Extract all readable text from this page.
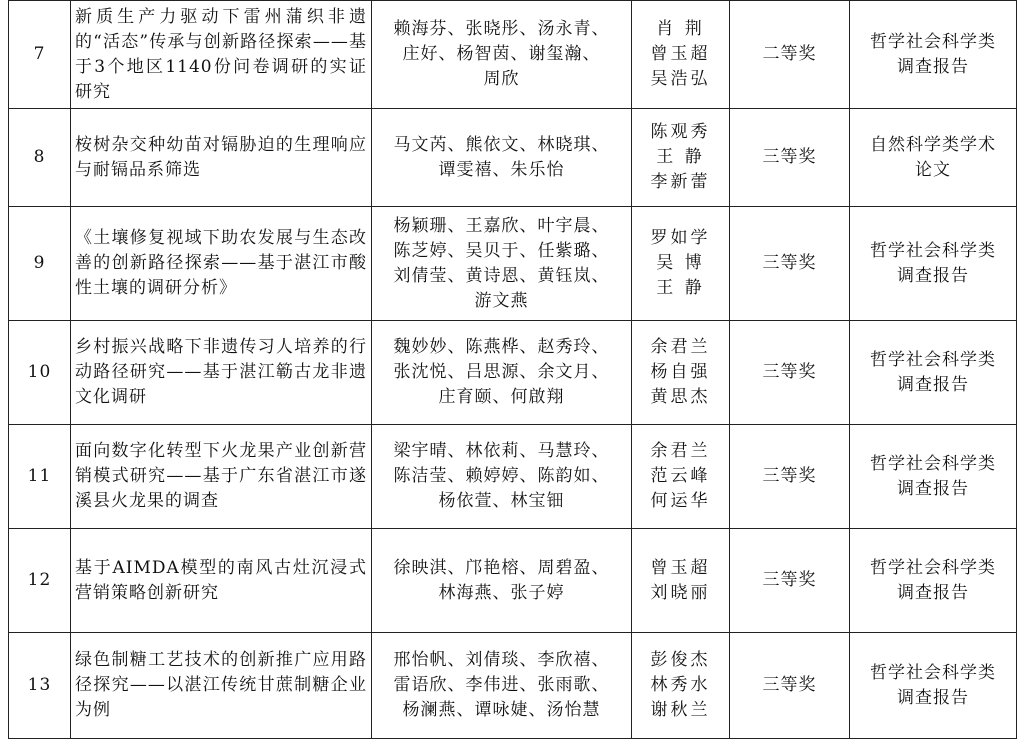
7	新质生产力驱动下雷州蒲织非遗的“活态”传承与创新路径探索——基于3个地区1140份问卷调研的实证研究	赖海芬、张晓彤、汤永青、
庄好、杨智茵、谢玺瀚、
周欣	肖 荆
曾玉超
吴浩弘	二等奖	哲学社会科学类
调查报告

8	桉树杂交种幼苗对镉胁迫的生理响应与耐镉品系筛选	马文芮、熊依文、林晓琪、
谭雯禧、朱乐怡	陈观秀
王 静
李新蕾	三等奖	自然科学类学术
论文

9	《土壤修复视域下助农发展与生态改善的创新路径探索——基于湛江市酸性土壤的调研分析》	杨颖珊、王嘉欣、叶宇晨、
陈芝婷、吴贝于、任紫璐、
刘倩莹、黄诗恩、黄钰岚、
游文燕	罗如学
吴 博
王 静	三等奖	哲学社会科学类
调查报告

10	乡村振兴战略下非遗传习人培养的行动路径研究——基于湛江簕古龙非遗文化调研	魏妙妙、陈燕桦、赵秀玲、
张沈悦、吕思源、余文月、
庄育颐、何啟翔	余君兰
杨自强
黄思杰	三等奖	哲学社会科学类
调查报告

11	面向数字化转型下火龙果产业创新营销模式研究——基于广东省湛江市遂溪县火龙果的调查	梁宇晴、林依莉、马慧玲、
陈洁莹、赖婷婷、陈韵如、
杨依萱、林宝钿	余君兰
范云峰
何运华	三等奖	哲学社会科学类
调查报告

12	基于AIMDA模型的南风古灶沉浸式营销策略创新研究	徐映淇、邝艳榕、周碧盈、
林海燕、张子婷	曾玉超
刘晓丽	三等奖	哲学社会科学类
调查报告

13	绿色制糖工艺技术的创新推广应用路径探究——以湛江传统甘蔗制糖企业为例	邢怡帆、刘倩琰、李欣禧、
雷语欣、李伟进、张雨歌、
杨澜燕、谭咏婕、汤怡慧	彭俊杰
林秀水
谢秋兰	三等奖	哲学社会科学类
调查报告
